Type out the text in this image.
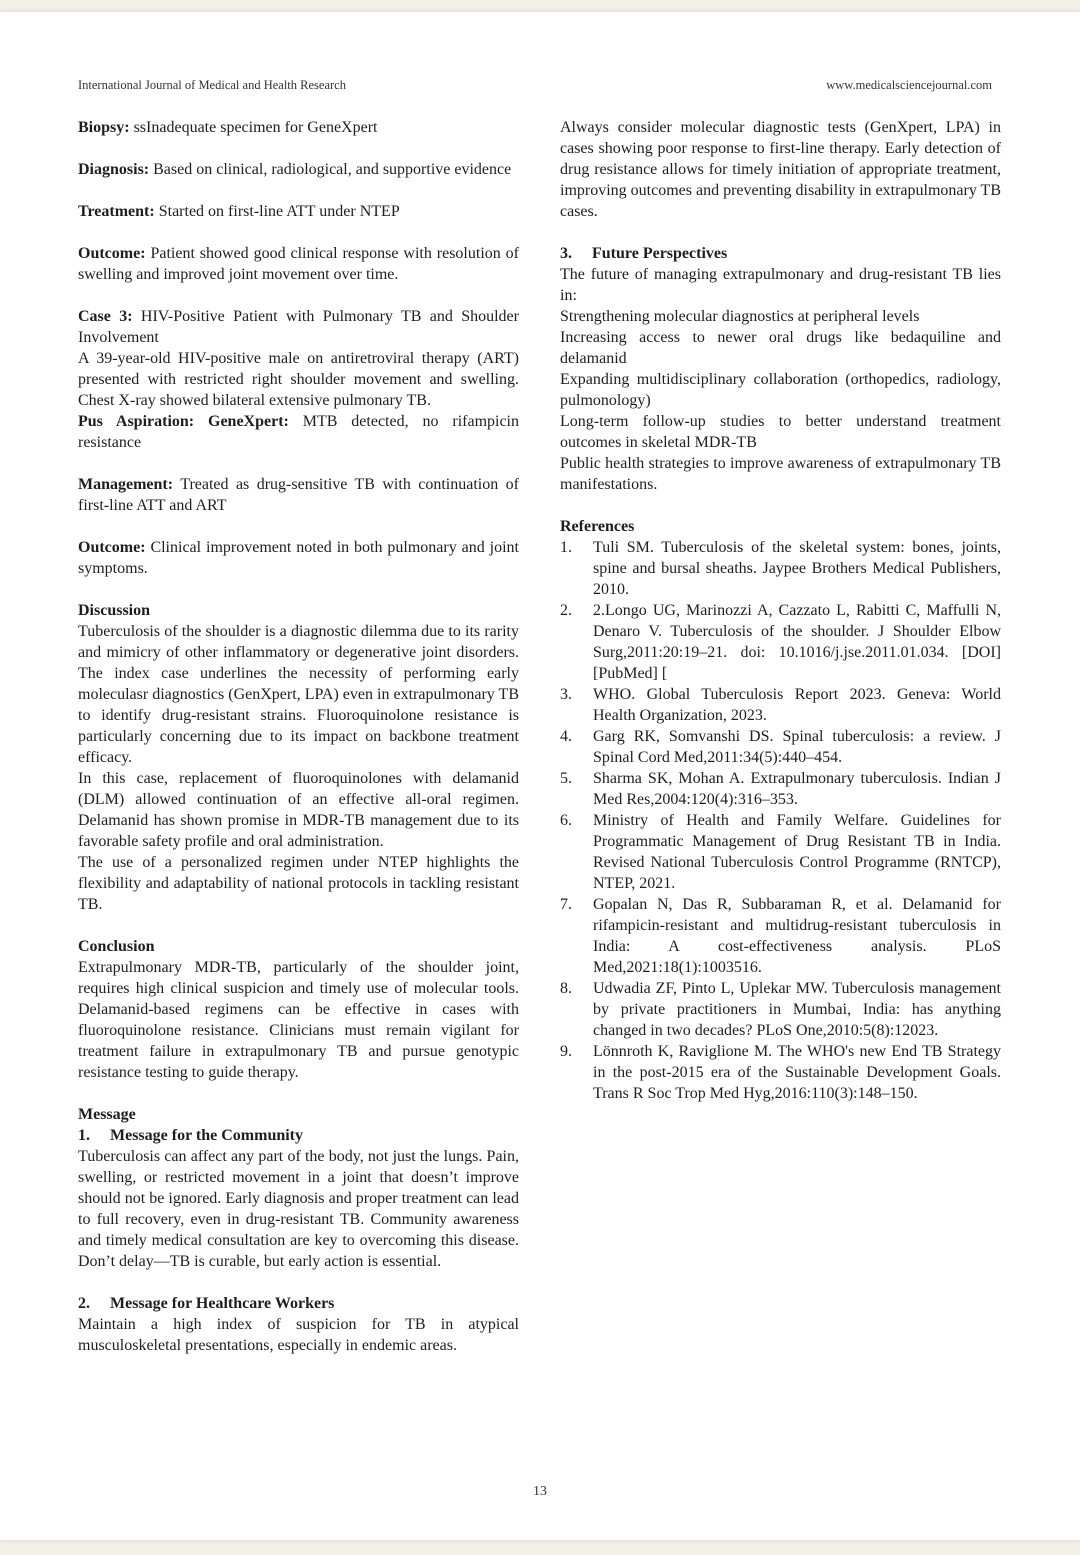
International Journal of Medical and Health Research	www.medicalsciencejournal.com

Biopsy: ssInadequate specimen for GeneXpert

Diagnosis: Based on clinical, radiological, and supportive evidence

Treatment: Started on first-line ATT under NTEP

Outcome: Patient showed good clinical response with resolution of swelling and improved joint movement over time.

Case 3: HIV-Positive Patient with Pulmonary TB and Shoulder Involvement

A 39-year-old HIV-positive male on antiretroviral therapy (ART) presented with restricted right shoulder movement and swelling. Chest X-ray showed bilateral extensive pulmonary TB.

Pus Aspiration: GeneXpert: MTB detected, no rifampicin resistance

Management: Treated as drug-sensitive TB with continuation of first-line ATT and ART

Outcome: Clinical improvement noted in both pulmonary and joint symptoms.

Discussion

Tuberculosis of the shoulder is a diagnostic dilemma due to its rarity and mimicry of other inflammatory or degenerative joint disorders. The index case underlines the necessity of performing early moleculasr diagnostics (GenXpert, LPA) even in extrapulmonary TB to identify drug-resistant strains. Fluoroquinolone resistance is particularly concerning due to its impact on backbone treatment efficacy.

In this case, replacement of fluoroquinolones with delamanid (DLM) allowed continuation of an effective all-oral regimen. Delamanid has shown promise in MDR-TB management due to its favorable safety profile and oral administration.

The use of a personalized regimen under NTEP highlights the flexibility and adaptability of national protocols in tackling resistant TB.

Conclusion

Extrapulmonary MDR-TB, particularly of the shoulder joint, requires high clinical suspicion and timely use of molecular tools. Delamanid-based regimens can be effective in cases with fluoroquinolone resistance. Clinicians must remain vigilant for treatment failure in extrapulmonary TB and pursue genotypic resistance testing to guide therapy.

Message

1. Message for the Community

Tuberculosis can affect any part of the body, not just the lungs. Pain, swelling, or restricted movement in a joint that doesn’t improve should not be ignored. Early diagnosis and proper treatment can lead to full recovery, even in drug-resistant TB. Community awareness and timely medical consultation are key to overcoming this disease. Don’t delay—TB is curable, but early action is essential.

2. Message for Healthcare Workers

Maintain a high index of suspicion for TB in atypical musculoskeletal presentations, especially in endemic areas.

Always consider molecular diagnostic tests (GenXpert, LPA) in cases showing poor response to first-line therapy. Early detection of drug resistance allows for timely initiation of appropriate treatment, improving outcomes and preventing disability in extrapulmonary TB cases.

3. Future Perspectives

The future of managing extrapulmonary and drug-resistant TB lies in:

Strengthening molecular diagnostics at peripheral levels

Increasing access to newer oral drugs like bedaquiline and delamanid

Expanding multidisciplinary collaboration (orthopedics, radiology, pulmonology)

Long-term follow-up studies to better understand treatment outcomes in skeletal MDR-TB

Public health strategies to improve awareness of extrapulmonary TB manifestations.

References

1. Tuli SM. Tuberculosis of the skeletal system: bones, joints, spine and bursal sheaths. Jaypee Brothers Medical Publishers, 2010.
2. 2.Longo UG, Marinozzi A, Cazzato L, Rabitti C, Maffulli N, Denaro V. Tuberculosis of the shoulder. J Shoulder Elbow Surg,2011:20:19–21. doi: 10.1016/j.jse.2011.01.034. [DOI] [PubMed] [
3. WHO. Global Tuberculosis Report 2023. Geneva: World Health Organization, 2023.
4. Garg RK, Somvanshi DS. Spinal tuberculosis: a review. J Spinal Cord Med,2011:34(5):440–454.
5. Sharma SK, Mohan A. Extrapulmonary tuberculosis. Indian J Med Res,2004:120(4):316–353.
6. Ministry of Health and Family Welfare. Guidelines for Programmatic Management of Drug Resistant TB in India. Revised National Tuberculosis Control Programme (RNTCP), NTEP, 2021.
7. Gopalan N, Das R, Subbaraman R, et al. Delamanid for rifampicin-resistant and multidrug-resistant tuberculosis in India: A cost-effectiveness analysis. PLoS Med,2021:18(1):1003516.
8. Udwadia ZF, Pinto L, Uplekar MW. Tuberculosis management by private practitioners in Mumbai, India: has anything changed in two decades? PLoS One,2010:5(8):12023.
9. Lönnroth K, Raviglione M. The WHO's new End TB Strategy in the post-2015 era of the Sustainable Development Goals. Trans R Soc Trop Med Hyg,2016:110(3):148–150.
13
